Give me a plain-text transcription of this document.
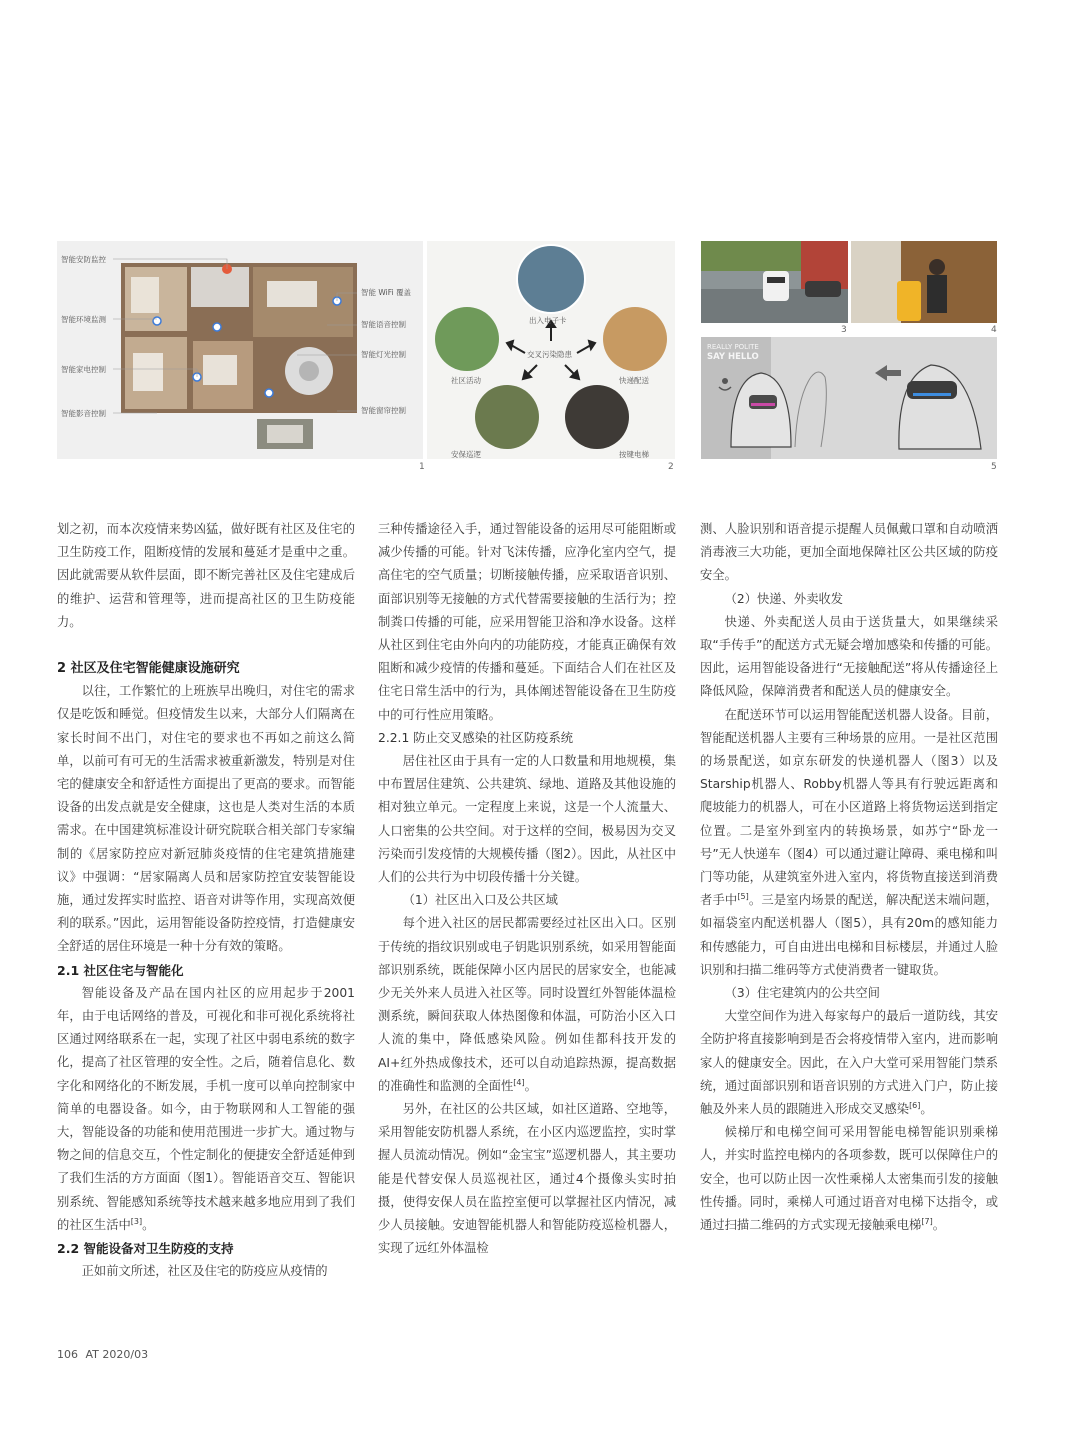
智能安防监控
智能环境监测
智能家电控制
智能影音控制
智能 WiFi 覆盖
智能语音控制
智能灯光控制
智能窗帘控制
1
交叉污染隐患
出入电子卡
社区活动	快递配送
安保巡逻	按键电梯
2
3	4
REALLY POLITE
SAY HELLO
5

划之初，而本次疫情来势凶猛，做好既有社区及住宅的卫生防疫工作，阻断疫情的发展和蔓延才是重中之重。因此就需要从软件层面，即不断完善社区及住宅建成后的维护、运营和管理等，进而提高社区的卫生防疫能力。

2 社区及住宅智能健康设施研究

以往，工作繁忙的上班族早出晚归，对住宅的需求仅是吃饭和睡觉。但疫情发生以来，大部分人们隔离在家长时间不出门，对住宅的要求也不再如之前这么简单，以前可有可无的生活需求被重新激发，特别是对住宅的健康安全和舒适性方面提出了更高的要求。而智能设备的出发点就是安全健康，这也是人类对生活的本质需求。在中国建筑标准设计研究院联合相关部门专家编制的《居家防控应对新冠肺炎疫情的住宅建筑措施建议》中强调：“居家隔离人员和居家防控宜安装智能设施，通过发挥实时监控、语音对讲等作用，实现高效便利的联系。”因此，运用智能设备防控疫情，打造健康安全舒适的居住环境是一种十分有效的策略。

2.1 社区住宅与智能化

智能设备及产品在国内社区的应用起步于2001年，由于电话网络的普及，可视化和非可视化系统将社区通过网络联系在一起，实现了社区中弱电系统的数字化，提高了社区管理的安全性。之后，随着信息化、数字化和网络化的不断发展，手机一度可以单向控制家中简单的电器设备。如今，由于物联网和人工智能的强大，智能设备的功能和使用范围进一步扩大。通过物与物之间的信息交互，个性定制化的便捷安全舒适延伸到了我们生活的方方面面（图1）。智能语音交互、智能识别系统、智能感知系统等技术越来越多地应用到了我们的社区生活中[3]。

2.2 智能设备对卫生防疫的支持

正如前文所述，社区及住宅的防疫应从疫情的

三种传播途径入手，通过智能设备的运用尽可能阻断或减少传播的可能。针对飞沫传播，应净化室内空气，提高住宅的空气质量；切断接触传播，应采取语音识别、面部识别等无接触的方式代替需要接触的生活行为；控制粪口传播的可能，应采用智能卫浴和净水设备。这样从社区到住宅由外向内的功能防疫，才能真正确保有效阻断和减少疫情的传播和蔓延。下面结合人们在社区及住宅日常生活中的行为，具体阐述智能设备在卫生防疫中的可行性应用策略。

2.2.1 防止交叉感染的社区防疫系统

居住社区由于具有一定的人口数量和用地规模，集中布置居住建筑、公共建筑、绿地、道路及其他设施的相对独立单元。一定程度上来说，这是一个人流量大、人口密集的公共空间。对于这样的空间，极易因为交叉污染而引发疫情的大规模传播（图2）。因此，从社区中人们的公共行为中切段传播十分关键。

（1）社区出入口及公共区域

每个进入社区的居民都需要经过社区出入口。区别于传统的指纹识别或电子钥匙识别系统，如采用智能面部识别系统，既能保障小区内居民的居家安全，也能减少无关外来人员进入社区等。同时设置红外智能体温检测系统，瞬间获取人体热图像和体温，可防治小区入口人流的集中，降低感染风险。例如佳都科技开发的AI+红外热成像技术，还可以自动追踪热源，提高数据的准确性和监测的全面性[4]。

另外，在社区的公共区域，如社区道路、空地等，采用智能安防机器人系统，在小区内巡逻监控，实时掌握人员流动情况。例如“金宝宝”巡逻机器人，其主要功能是代替安保人员巡视社区，通过4个摄像头实时拍摄，使得安保人员在监控室便可以掌握社区内情况，减少人员接触。安迪智能机器人和智能防疫巡检机器人，实现了远红外体温检

测、人脸识别和语音提示提醒人员佩戴口罩和自动喷洒消毒液三大功能，更加全面地保障社区公共区域的防疫安全。

（2）快递、外卖收发

快递、外卖配送人员由于送货量大，如果继续采取“手传手”的配送方式无疑会增加感染和传播的可能。因此，运用智能设备进行“无接触配送”将从传播途径上降低风险，保障消费者和配送人员的健康安全。

在配送环节可以运用智能配送机器人设备。目前，智能配送机器人主要有三种场景的应用。一是社区范围的场景配送，如京东研发的快递机器人（图3）以及Starship机器人、Robby机器人等具有行驶远距离和爬坡能力的机器人，可在小区道路上将货物运送到指定位置。二是室外到室内的转换场景，如苏宁“卧龙一号”无人快递车（图4）可以通过避让障碍、乘电梯和叫门等功能，从建筑室外进入室内，将货物直接送到消费者手中[5]。三是室内场景的配送，解决配送末端问题，如福袋室内配送机器人（图5），具有20m的感知能力和传感能力，可自由进出电梯和目标楼层，并通过人脸识别和扫描二维码等方式使消费者一键取货。

（3）住宅建筑内的公共空间

大堂空间作为进入每家每户的最后一道防线，其安全防护将直接影响到是否会将疫情带入室内，进而影响家人的健康安全。因此，在入户大堂可采用智能门禁系统，通过面部识别和语音识别的方式进入门户，防止接触及外来人员的跟随进入形成交叉感染[6]。

候梯厅和电梯空间可采用智能电梯智能识别乘梯人，并实时监控电梯内的各项参数，既可以保障住户的安全，也可以防止因一次性乘梯人太密集而引发的接触性传播。同时，乘梯人可通过语音对电梯下达指令，或通过扫描二维码的方式实现无接触乘电梯[7]。

106 AT 2020/03
